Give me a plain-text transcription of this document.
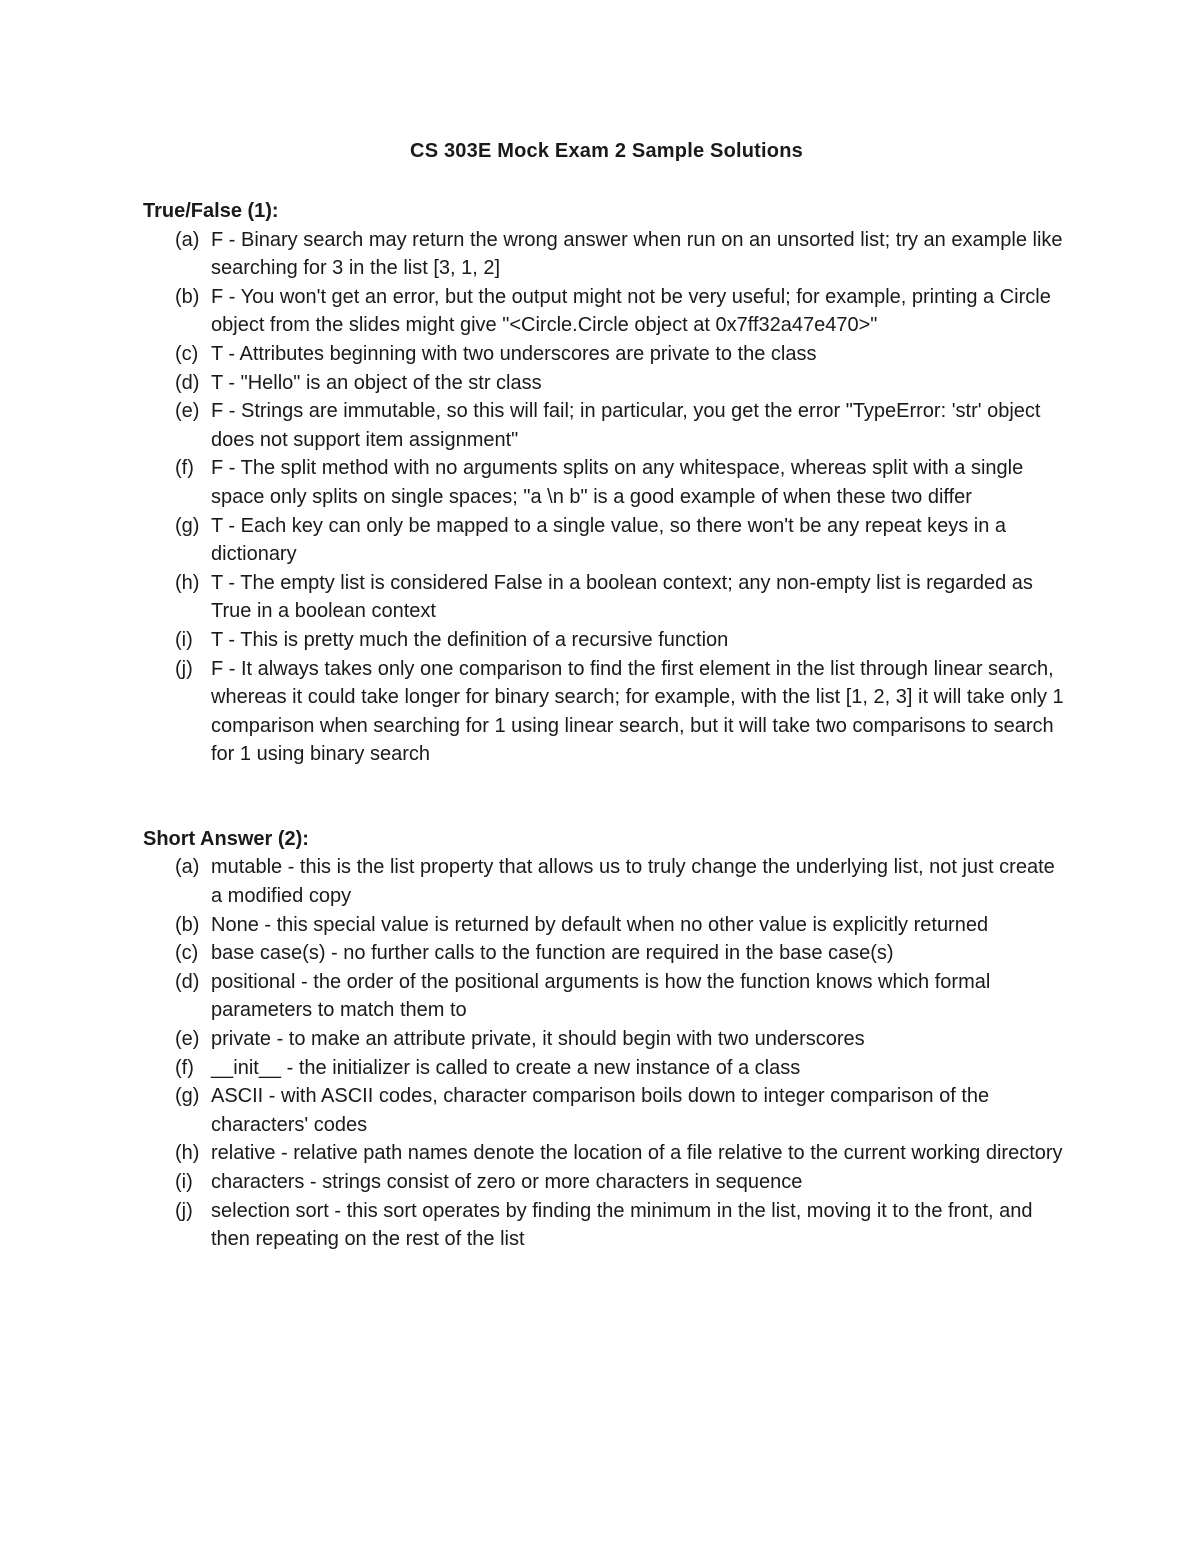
CS 303E Mock Exam 2 Sample Solutions
True/False (1):
(a) F - Binary search may return the wrong answer when run on an unsorted list; try an example like searching for 3 in the list [3, 1, 2]
(b) F - You won't get an error, but the output might not be very useful; for example, printing a Circle object from the slides might give "<Circle.Circle object at 0x7ff32a47e470>"
(c) T - Attributes beginning with two underscores are private to the class
(d) T - "Hello" is an object of the str class
(e) F - Strings are immutable, so this will fail; in particular, you get the error "TypeError: 'str' object does not support item assignment"
(f) F - The split method with no arguments splits on any whitespace, whereas split with a single space only splits on single spaces; "a \n b" is a good example of when these two differ
(g) T - Each key can only be mapped to a single value, so there won't be any repeat keys in a dictionary
(h) T - The empty list is considered False in a boolean context; any non-empty list is regarded as True in a boolean context
(i) T - This is pretty much the definition of a recursive function
(j) F - It always takes only one comparison to find the first element in the list through linear search, whereas it could take longer for binary search; for example, with the list [1, 2, 3] it will take only 1 comparison when searching for 1 using linear search, but it will take two comparisons to search for 1 using binary search
Short Answer (2):
(a) mutable - this is the list property that allows us to truly change the underlying list, not just create a modified copy
(b) None - this special value is returned by default when no other value is explicitly returned
(c) base case(s) - no further calls to the function are required in the base case(s)
(d) positional - the order of the positional arguments is how the function knows which formal parameters to match them to
(e) private - to make an attribute private, it should begin with two underscores
(f) __init__ - the initializer is called to create a new instance of a class
(g) ASCII - with ASCII codes, character comparison boils down to integer comparison of the characters' codes
(h) relative - relative path names denote the location of a file relative to the current working directory
(i) characters - strings consist of zero or more characters in sequence
(j) selection sort - this sort operates by finding the minimum in the list, moving it to the front, and then repeating on the rest of the list
